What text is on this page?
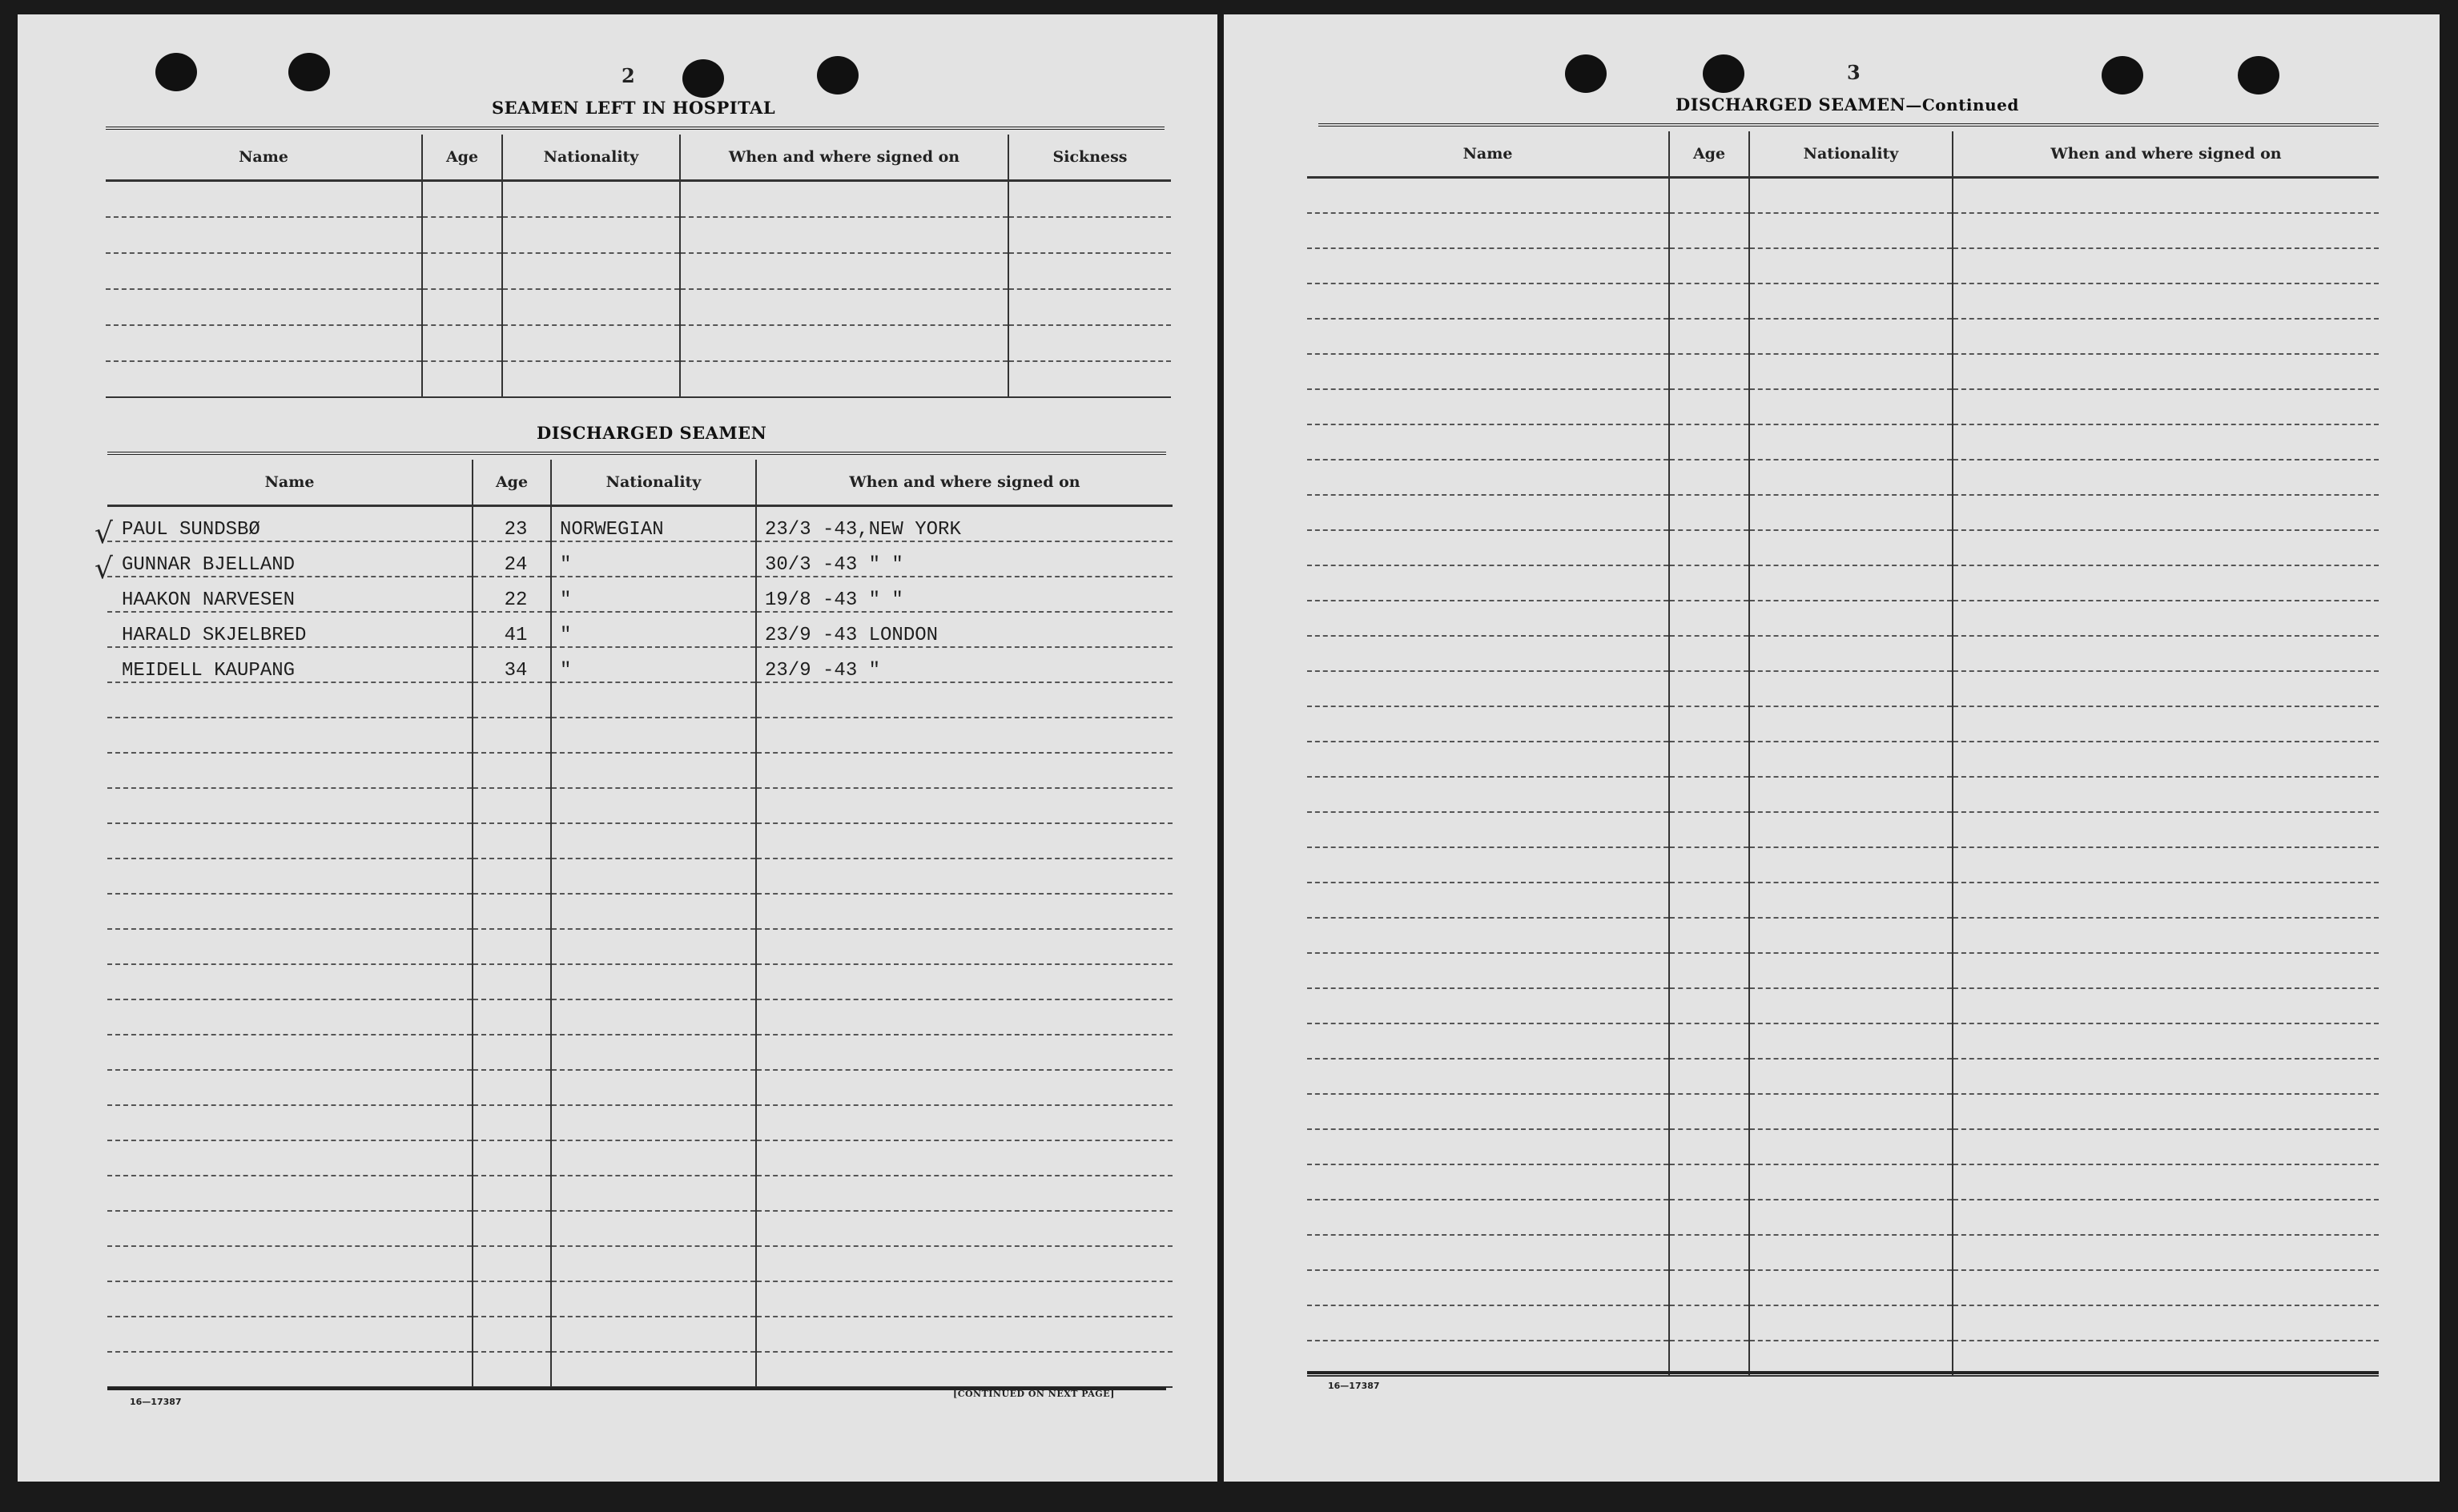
2
SEAMEN LEFT IN HOSPITAL
Name	Age	Nationality	When and where signed on	Sickness

DISCHARGED SEAMEN
Name	Age	Nationality	When and where signed on
PAUL SUNDSBØ	23	NORWEGIAN	23/3 -43,NEW YORK
GUNNAR BJELLAND	24	"	30/3 -43 " "
HAAKON NARVESEN	22	"	19/8 -43 " "
HARALD SKJELBRED	41	"	23/9 -43 LONDON
MEIDELL KAUPANG	34	"	23/9 -43 "

16—17387
[CONTINUED ON NEXT PAGE]
√
√
3
DISCHARGED SEAMEN—Continued
Name	Age	Nationality	When and where signed on

16—17387
